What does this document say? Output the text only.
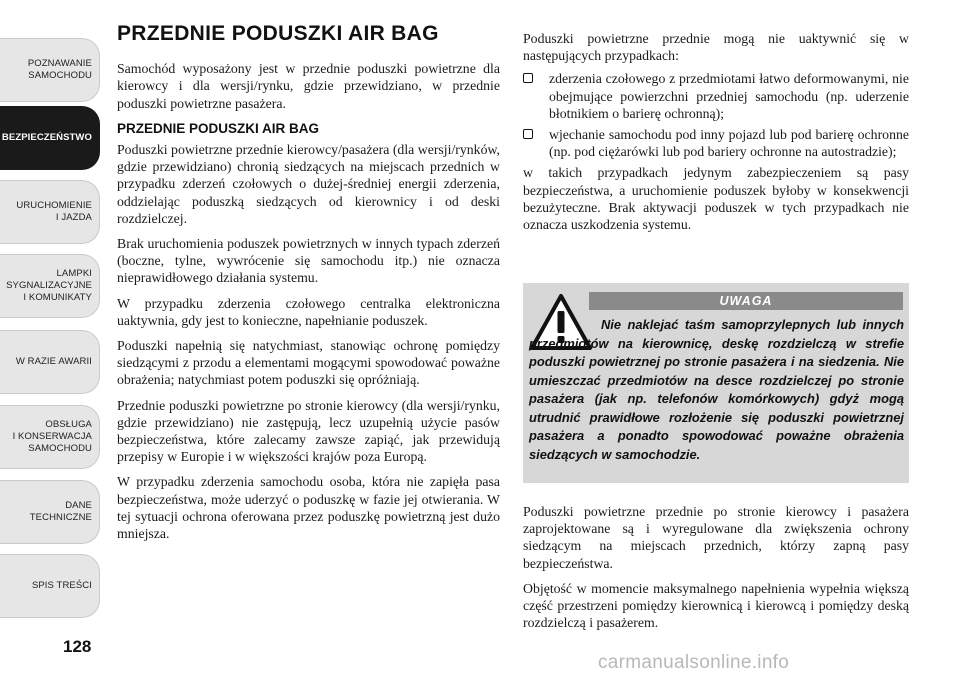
POZNAWANIE
SAMOCHODU
BEZPIECZEŃSTWO
URUCHOMIENIE
I JAZDA
LAMPKI
SYGNALIZACYJNE
I KOMUNIKATY
W RAZIE AWARII
OBSŁUGA
I KONSERWACJA
SAMOCHODU
DANE
TECHNICZNE
SPIS TREŚCI
128
PRZEDNIE PODUSZKI AIR BAG

Samochód wyposażony jest w przednie poduszki powietrzne dla kierowcy i dla wersji/rynku, gdzie przewidziano, w przednie poduszki powietrzne pasażera.

PRZEDNIE PODUSZKI AIR BAG

Poduszki powietrzne przednie kierowcy/pasażera (dla wersji/rynków, gdzie przewidziano) chronią siedzących na miejscach przednich w przypadku zderzeń czołowych o dużej-średniej energii zderzenia, oddzielając poduszką siedzących od kierownicy i od deski rozdzielczej.

Brak uruchomienia poduszek powietrznych w innych typach zderzeń (boczne, tylne, wywrócenie się samochodu itp.) nie oznacza nieprawidłowego działania systemu.

W przypadku zderzenia czołowego centralka elektroniczna uaktywnia, gdy jest to konieczne, napełnianie poduszek.

Poduszki napełnią się natychmiast, stanowiąc ochronę pomiędzy siedzącymi z przodu a elementami mogącymi spowodować poważne obrażenia; natychmiast potem poduszki się opróżniają.

Przednie poduszki powietrzne po stronie kierowcy (dla wersji/rynku, gdzie przewidziano) nie zastępują, lecz uzupełnią użycie pasów bezpieczeństwa, które zalecamy zawsze zapiąć, jak przewidują przepisy w Europie i w większości krajów poza Europą.

W przypadku zderzenia samochodu osoba, która nie zapięła pasa bezpieczeństwa, może uderzyć o poduszkę w fazie jej otwierania. W tej sytuacji ochrona oferowana przez poduszkę powietrzną jest dużo mniejsza.

Poduszki powietrzne przednie mogą nie uaktywnić się w następujących przypadkach:

zderzenia czołowego z przedmiotami łatwo deformowanymi, nie obejmujące powierzchni przedniej samochodu (np. uderzenie błotnikiem o barierę ochronną);
wjechanie samochodu pod inny pojazd lub pod barierę ochronne (np. pod ciężarówki lub pod bariery ochronne na autostradzie);

w takich przypadkach jedynym zabezpieczeniem są pasy bezpieczeństwa, a uruchomienie poduszek byłoby w konsekwencji bezużyteczne. Brak aktywacji poduszek w tych przypadkach nie oznacza uszkodzenia systemu.

UWAGA

Nie naklejać taśm samoprzylepnych lub innych przedmiotów na kierownicę, deskę rozdzielczą w strefie poduszki powietrznej po stronie pasażera i na siedzenia. Nie umieszczać przedmiotów na desce rozdzielczej po stronie pasażera (jak np. telefonów komórkowych) gdyż mogą utrudnić prawidłowe rozłożenie się poduszki powietrznej pasażera a ponadto spowodować poważne obrażenia siedzących w samochodzie.

Poduszki powietrzne przednie po stronie kierowcy i pasażera zaprojektowane są i wyregulowane dla zwiększenia ochrony siedzącym na miejscach przednich, którzy zapną pasy bezpieczeństwa.

Objętość w momencie maksymalnego napełnienia wypełnia większą część przestrzeni pomiędzy kierownicą i kierowcą i pomiędzy deską rozdzielczą i pasażerem.

carmanualsonline.info
